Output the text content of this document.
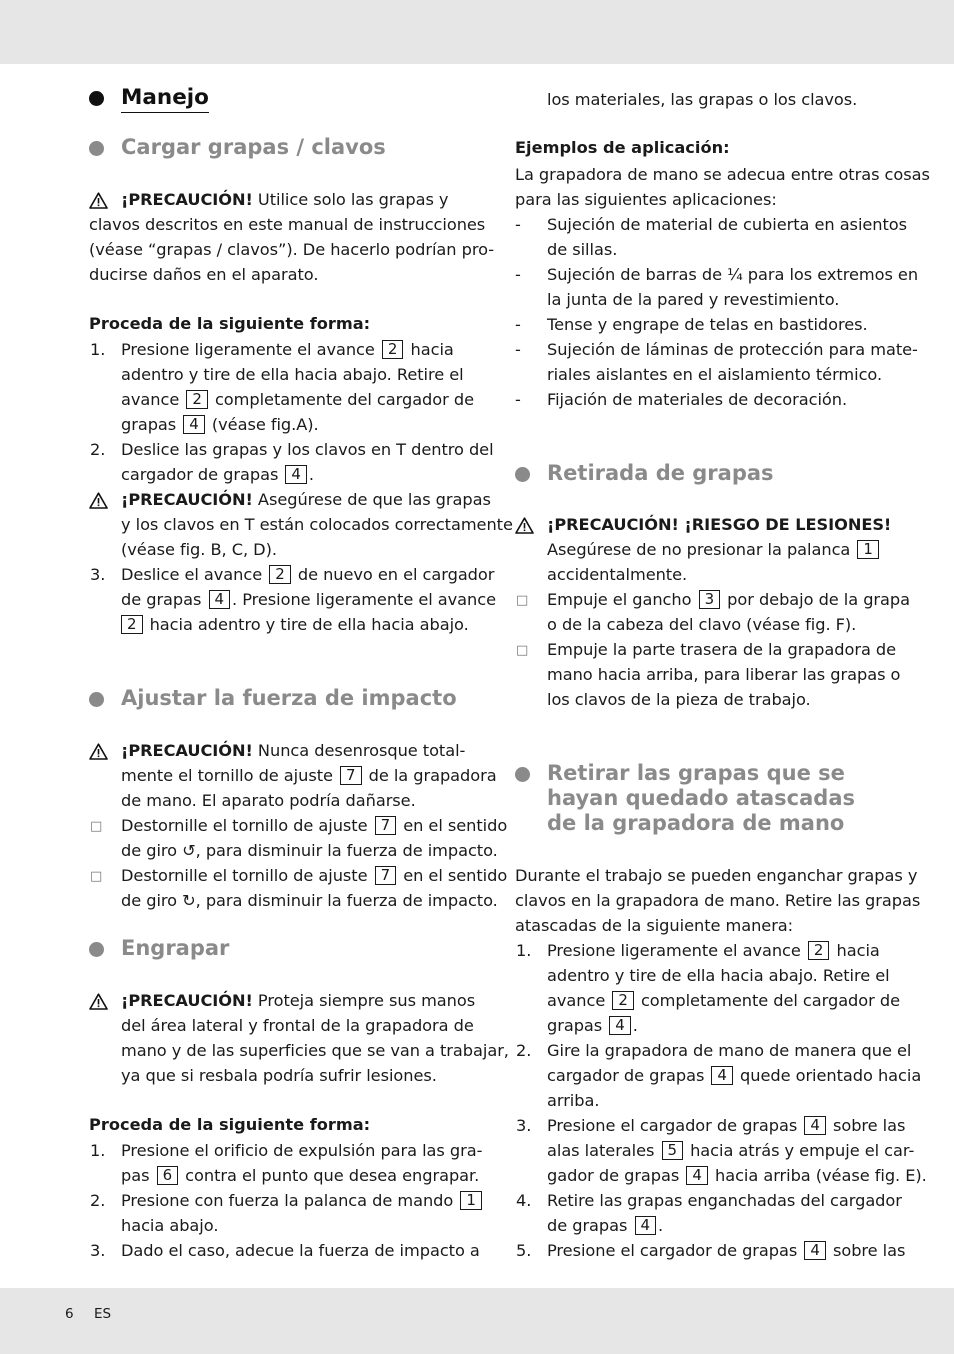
Manejo
Cargar grapas / clavos
¡PRECAUCIÓN! Utilice solo las grapas y
clavos descritos en este manual de instrucciones
(véase “grapas / clavos”). De hacerlo podrían pro-
ducirse daños en el aparato.
Proceda de la siguiente forma:
1. Presione ligeramente el avance 2 hacia
adentro y tire de ella hacia abajo. Retire el
avance 2 completamente del cargador de
grapas 4 (véase fig.A).
2. Deslice las grapas y los clavos en T dentro del
cargador de grapas 4 .
¡PRECAUCIÓN! Asegúrese de que las grapas
y los clavos en T están colocados correctamente
(véase fig. B, C, D).
3. Deslice el avance 2 de nuevo en el cargador
de grapas 4 . Presione ligeramente el avance
2 hacia adentro y tire de ella hacia abajo.
Ajustar la fuerza de impacto
¡PRECAUCIÓN! Nunca desenrosque total-
mente el tornillo de ajuste 7 de la grapadora
de mano. El aparato podría dañarse.
□ Destornille el tornillo de ajuste 7 en el sentido
de giro ↺, para disminuir la fuerza de impacto.
□ Destornille el tornillo de ajuste 7 en el sentido
de giro ↻, para disminuir la fuerza de impacto.
Engrapar
¡PRECAUCIÓN! Proteja siempre sus manos
del área lateral y frontal de la grapadora de
mano y de las superficies que se van a trabajar,
ya que si resbala podría sufrir lesiones.
Proceda de la siguiente forma:
1. Presione el orificio de expulsión para las gra-
pas 6 contra el punto que desea engrapar.
2. Presione con fuerza la palanca de mando 1
hacia abajo.
3. Dado el caso, adecue la fuerza de impacto a
los materiales, las grapas o los clavos.
Ejemplos de aplicación:
La grapadora de mano se adecua entre otras cosas
para las siguientes aplicaciones:
- Sujeción de material de cubierta en asientos
de sillas.
- Sujeción de barras de ¼ para los extremos en
la junta de la pared y revestimiento.
- Tense y engrape de telas en bastidores.
- Sujeción de láminas de protección para mate-
riales aislantes en el aislamiento térmico.
- Fijación de materiales de decoración.
Retirada de grapas
¡PRECAUCIÓN! ¡RIESGO DE LESIONES!
Asegúrese de no presionar la palanca 1
accidentalmente.
□ Empuje el gancho 3 por debajo de la grapa
o de la cabeza del clavo (véase fig. F).
□ Empuje la parte trasera de la grapadora de
mano hacia arriba, para liberar las grapas o
los clavos de la pieza de trabajo.
Retirar las grapas que se
hayan quedado atascadas
de la grapadora de mano
Durante el trabajo se pueden enganchar grapas y
clavos en la grapadora de mano. Retire las grapas
atascadas de la siguiente manera:
1. Presione ligeramente el avance 2 hacia
adentro y tire de ella hacia abajo. Retire el
avance 2 completamente del cargador de
grapas 4 .
2. Gire la grapadora de mano de manera que el
cargador de grapas 4 quede orientado hacia
arriba.
3. Presione el cargador de grapas 4 sobre las
alas laterales 5 hacia atrás y empuje el car-
gador de grapas 4 hacia arriba (véase fig. E).
4. Retire las grapas enganchadas del cargador
de grapas 4 .
5. Presione el cargador de grapas 4 sobre las
6 ES
